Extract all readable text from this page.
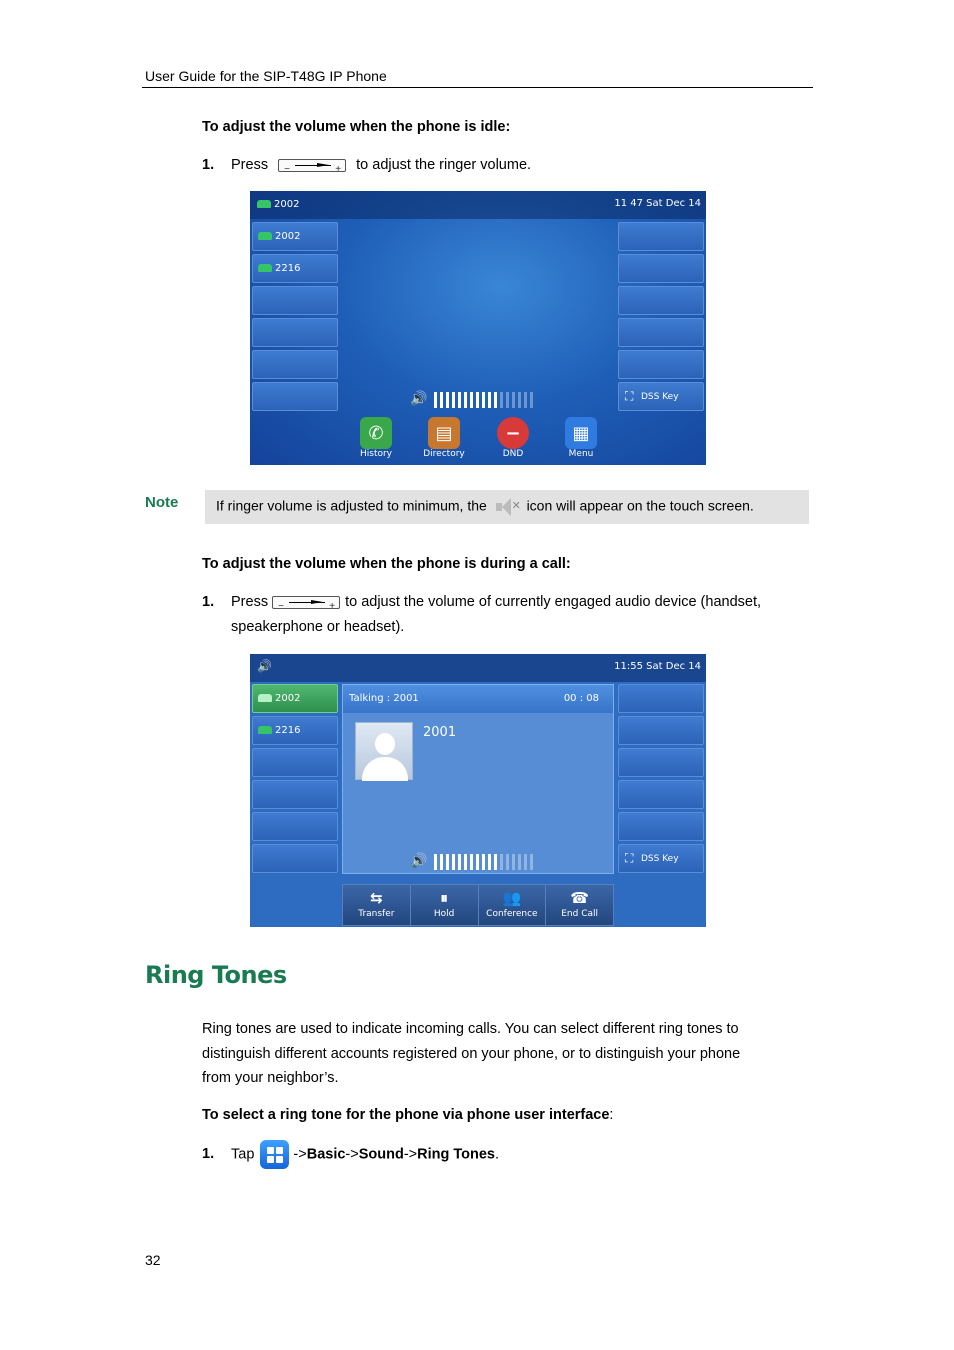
User Guide for the SIP-T48G IP Phone
To adjust the volume when the phone is idle:
1. Press −	+ to adjust the ringer volume.
11 47 Sat Dec 14
2002
2002
2216
⛶ DSS Key
🔊
✆
History
▤
Directory
−
DND
▦
Menu
Note	If ringer volume is adjusted to minimum, the ✕ icon will appear on the touch screen.
To adjust the volume when the phone is during a call:
1. Press −	+ to adjust the volume of currently engaged audio device (handset,
speakerphone or headset).
🔊	11:55 Sat Dec 14
2002
2216
⛶ DSS Key
Talking : 2001	00 : 08
2001
🔊
⇆
Transfer
⏸
Hold
👥
Conference
☎
End Call
Ring Tones
Ring tones are used to indicate incoming calls. You can select different ring tones to
distinguish different accounts registered on your phone, or to distinguish your phone
from your neighbor’s.
To select a ring tone for the phone via phone user interface:
1. Tap	->Basic->Sound->Ring Tones.
32
